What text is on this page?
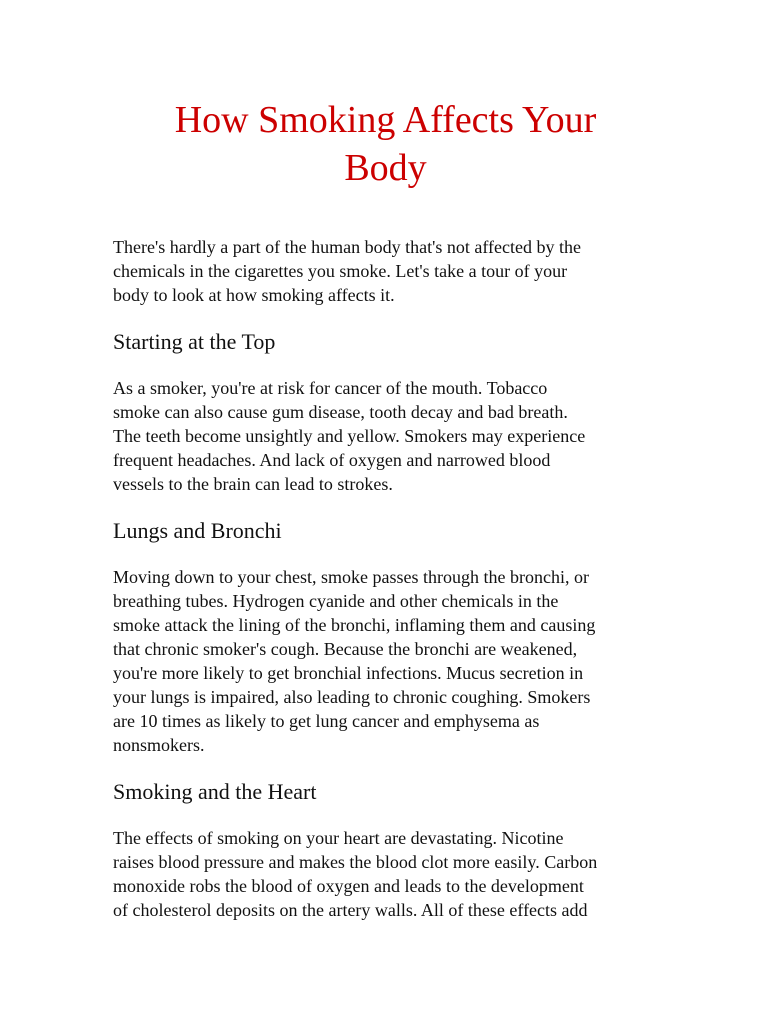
How Smoking Affects Your
Body

There's hardly a part of the human body that's not affected by the
chemicals in the cigarettes you smoke. Let's take a tour of your
body to look at how smoking affects it.

Starting at the Top

As a smoker, you're at risk for cancer of the mouth. Tobacco
smoke can also cause gum disease, tooth decay and bad breath.
The teeth become unsightly and yellow. Smokers may experience
frequent headaches. And lack of oxygen and narrowed blood
vessels to the brain can lead to strokes.

Lungs and Bronchi

Moving down to your chest, smoke passes through the bronchi, or
breathing tubes. Hydrogen cyanide and other chemicals in the
smoke attack the lining of the bronchi, inflaming them and causing
that chronic smoker's cough. Because the bronchi are weakened,
you're more likely to get bronchial infections. Mucus secretion in
your lungs is impaired, also leading to chronic coughing. Smokers
are 10 times as likely to get lung cancer and emphysema as
nonsmokers.

Smoking and the Heart

The effects of smoking on your heart are devastating. Nicotine
raises blood pressure and makes the blood clot more easily. Carbon
monoxide robs the blood of oxygen and leads to the development
of cholesterol deposits on the artery walls. All of these effects add
